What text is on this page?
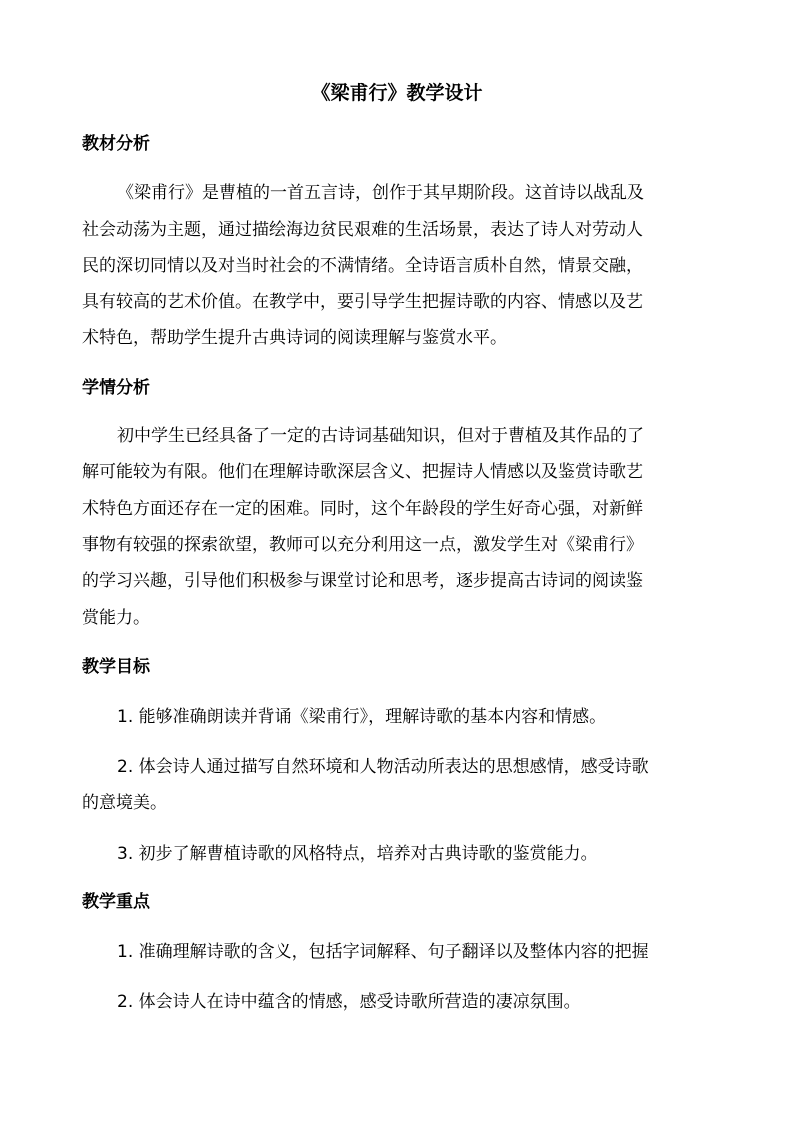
《梁甫行》教学设计
教材分析
《梁甫行》是曹植的一首五言诗，创作于其早期阶段。这首诗以战乱及
社会动荡为主题，通过描绘海边贫民艰难的生活场景，表达了诗人对劳动人
民的深切同情以及对当时社会的不满情绪。全诗语言质朴自然，情景交融，
具有较高的艺术价值。在教学中，要引导学生把握诗歌的内容、情感以及艺
术特色，帮助学生提升古典诗词的阅读理解与鉴赏水平。
学情分析
初中学生已经具备了一定的古诗词基础知识，但对于曹植及其作品的了
解可能较为有限。他们在理解诗歌深层含义、把握诗人情感以及鉴赏诗歌艺
术特色方面还存在一定的困难。同时，这个年龄段的学生好奇心强，对新鲜
事物有较强的探索欲望，教师可以充分利用这一点，激发学生对《梁甫行》
的学习兴趣，引导他们积极参与课堂讨论和思考，逐步提高古诗词的阅读鉴
赏能力。
教学目标
1. 能够准确朗读并背诵《梁甫行》，理解诗歌的基本内容和情感。
2. 体会诗人通过描写自然环境和人物活动所表达的思想感情，感受诗歌
的意境美。
3. 初步了解曹植诗歌的风格特点，培养对古典诗歌的鉴赏能力。
教学重点
1. 准确理解诗歌的含义，包括字词解释、句子翻译以及整体内容的把握
2. 体会诗人在诗中蕴含的情感，感受诗歌所营造的凄凉氛围。
